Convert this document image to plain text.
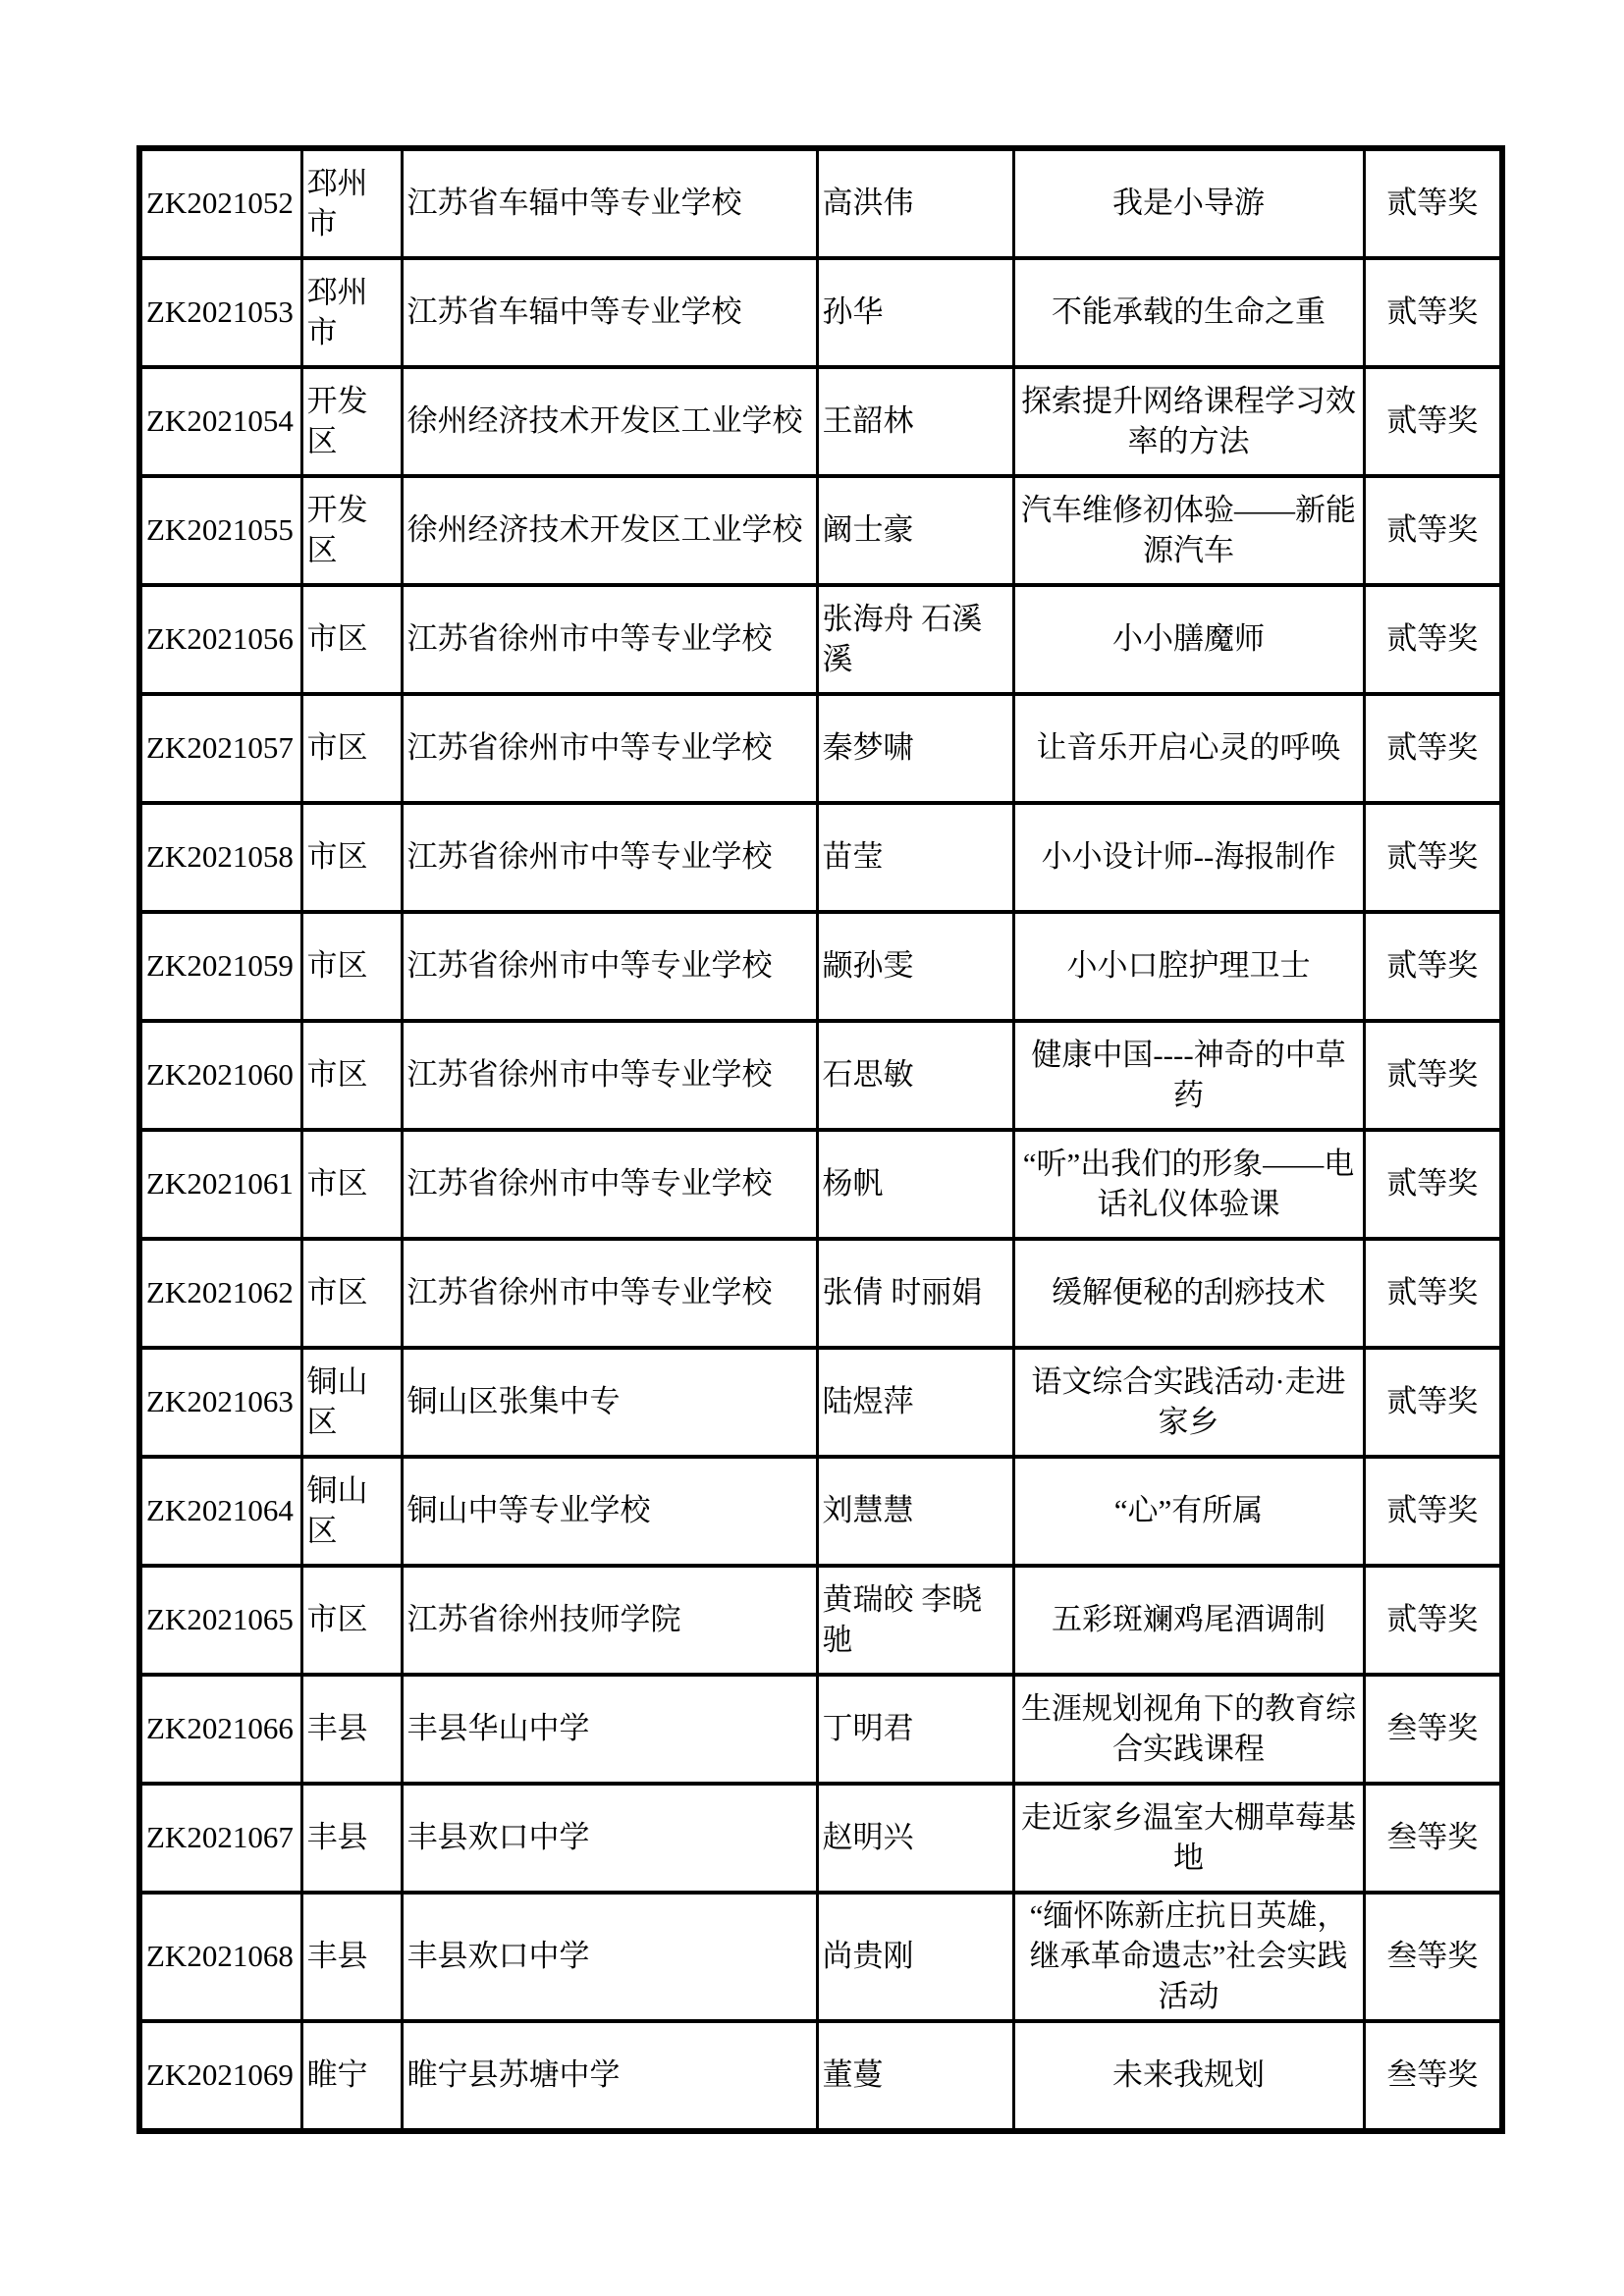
ZK2021052	邳州市	江苏省车辐中等专业学校	高洪伟	我是小导游	贰等奖
ZK2021053	邳州市	江苏省车辐中等专业学校	孙华	不能承载的生命之重	贰等奖
ZK2021054	开发区	徐州经济技术开发区工业学校	王韶林	探索提升网络课程学习效率的方法	贰等奖
ZK2021055	开发区	徐州经济技术开发区工业学校	阚士豪	汽车维修初体验——新能源汽车	贰等奖
ZK2021056	市区	江苏省徐州市中等专业学校	张海舟 石溪溪	小小膳魔师	贰等奖
ZK2021057	市区	江苏省徐州市中等专业学校	秦梦啸	让音乐开启心灵的呼唤	贰等奖
ZK2021058	市区	江苏省徐州市中等专业学校	苗莹	小小设计师--海报制作	贰等奖
ZK2021059	市区	江苏省徐州市中等专业学校	颛孙雯	小小口腔护理卫士	贰等奖
ZK2021060	市区	江苏省徐州市中等专业学校	石思敏	健康中国----神奇的中草药	贰等奖
ZK2021061	市区	江苏省徐州市中等专业学校	杨帆	“听”出我们的形象——电话礼仪体验课	贰等奖
ZK2021062	市区	江苏省徐州市中等专业学校	张倩 时丽娟	缓解便秘的刮痧技术	贰等奖
ZK2021063	铜山区	铜山区张集中专	陆煜萍	语文综合实践活动·走进家乡	贰等奖
ZK2021064	铜山区	铜山中等专业学校	刘慧慧	“心”有所属	贰等奖
ZK2021065	市区	江苏省徐州技师学院	黄瑞皎 李晓驰	五彩斑斓鸡尾酒调制	贰等奖
ZK2021066	丰县	丰县华山中学	丁明君	生涯规划视角下的教育综合实践课程	叁等奖
ZK2021067	丰县	丰县欢口中学	赵明兴	走近家乡温室大棚草莓基地	叁等奖
ZK2021068	丰县	丰县欢口中学	尚贵刚	“缅怀陈新庄抗日英雄，继承革命遗志”社会实践活动	叁等奖
ZK2021069	睢宁	睢宁县苏塘中学	董蔓	未来我规划	叁等奖
